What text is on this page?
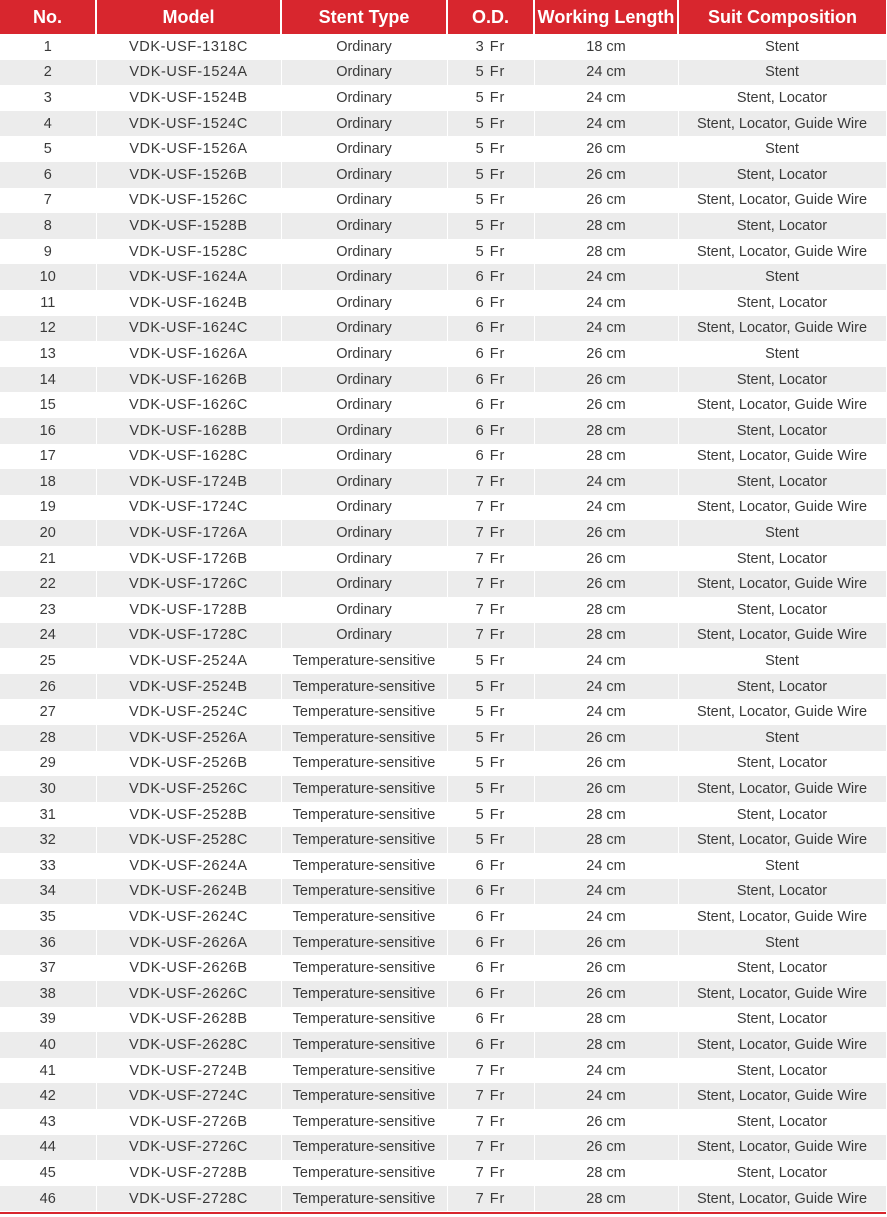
No.	Model	Stent Type	O.D.	Working Length	Suit Composition
1	VDK-USF-1318C	Ordinary	3 Fr	18 cm	Stent
2	VDK-USF-1524A	Ordinary	5 Fr	24 cm	Stent
3	VDK-USF-1524B	Ordinary	5 Fr	24 cm	Stent, Locator
4	VDK-USF-1524C	Ordinary	5 Fr	24 cm	Stent, Locator, Guide Wire
5	VDK-USF-1526A	Ordinary	5 Fr	26 cm	Stent
6	VDK-USF-1526B	Ordinary	5 Fr	26 cm	Stent, Locator
7	VDK-USF-1526C	Ordinary	5 Fr	26 cm	Stent, Locator, Guide Wire
8	VDK-USF-1528B	Ordinary	5 Fr	28 cm	Stent, Locator
9	VDK-USF-1528C	Ordinary	5 Fr	28 cm	Stent, Locator, Guide Wire
10	VDK-USF-1624A	Ordinary	6 Fr	24 cm	Stent
11	VDK-USF-1624B	Ordinary	6 Fr	24 cm	Stent, Locator
12	VDK-USF-1624C	Ordinary	6 Fr	24 cm	Stent, Locator, Guide Wire
13	VDK-USF-1626A	Ordinary	6 Fr	26 cm	Stent
14	VDK-USF-1626B	Ordinary	6 Fr	26 cm	Stent, Locator
15	VDK-USF-1626C	Ordinary	6 Fr	26 cm	Stent, Locator, Guide Wire
16	VDK-USF-1628B	Ordinary	6 Fr	28 cm	Stent, Locator
17	VDK-USF-1628C	Ordinary	6 Fr	28 cm	Stent, Locator, Guide Wire
18	VDK-USF-1724B	Ordinary	7 Fr	24 cm	Stent, Locator
19	VDK-USF-1724C	Ordinary	7 Fr	24 cm	Stent, Locator, Guide Wire
20	VDK-USF-1726A	Ordinary	7 Fr	26 cm	Stent
21	VDK-USF-1726B	Ordinary	7 Fr	26 cm	Stent, Locator
22	VDK-USF-1726C	Ordinary	7 Fr	26 cm	Stent, Locator, Guide Wire
23	VDK-USF-1728B	Ordinary	7 Fr	28 cm	Stent, Locator
24	VDK-USF-1728C	Ordinary	7 Fr	28 cm	Stent, Locator, Guide Wire
25	VDK-USF-2524A	Temperature-sensitive	5 Fr	24 cm	Stent
26	VDK-USF-2524B	Temperature-sensitive	5 Fr	24 cm	Stent, Locator
27	VDK-USF-2524C	Temperature-sensitive	5 Fr	24 cm	Stent, Locator, Guide Wire
28	VDK-USF-2526A	Temperature-sensitive	5 Fr	26 cm	Stent
29	VDK-USF-2526B	Temperature-sensitive	5 Fr	26 cm	Stent, Locator
30	VDK-USF-2526C	Temperature-sensitive	5 Fr	26 cm	Stent, Locator, Guide Wire
31	VDK-USF-2528B	Temperature-sensitive	5 Fr	28 cm	Stent, Locator
32	VDK-USF-2528C	Temperature-sensitive	5 Fr	28 cm	Stent, Locator, Guide Wire
33	VDK-USF-2624A	Temperature-sensitive	6 Fr	24 cm	Stent
34	VDK-USF-2624B	Temperature-sensitive	6 Fr	24 cm	Stent, Locator
35	VDK-USF-2624C	Temperature-sensitive	6 Fr	24 cm	Stent, Locator, Guide Wire
36	VDK-USF-2626A	Temperature-sensitive	6 Fr	26 cm	Stent
37	VDK-USF-2626B	Temperature-sensitive	6 Fr	26 cm	Stent, Locator
38	VDK-USF-2626C	Temperature-sensitive	6 Fr	26 cm	Stent, Locator, Guide Wire
39	VDK-USF-2628B	Temperature-sensitive	6 Fr	28 cm	Stent, Locator
40	VDK-USF-2628C	Temperature-sensitive	6 Fr	28 cm	Stent, Locator, Guide Wire
41	VDK-USF-2724B	Temperature-sensitive	7 Fr	24 cm	Stent, Locator
42	VDK-USF-2724C	Temperature-sensitive	7 Fr	24 cm	Stent, Locator, Guide Wire
43	VDK-USF-2726B	Temperature-sensitive	7 Fr	26 cm	Stent, Locator
44	VDK-USF-2726C	Temperature-sensitive	7 Fr	26 cm	Stent, Locator, Guide Wire
45	VDK-USF-2728B	Temperature-sensitive	7 Fr	28 cm	Stent, Locator
46	VDK-USF-2728C	Temperature-sensitive	7 Fr	28 cm	Stent, Locator, Guide Wire
